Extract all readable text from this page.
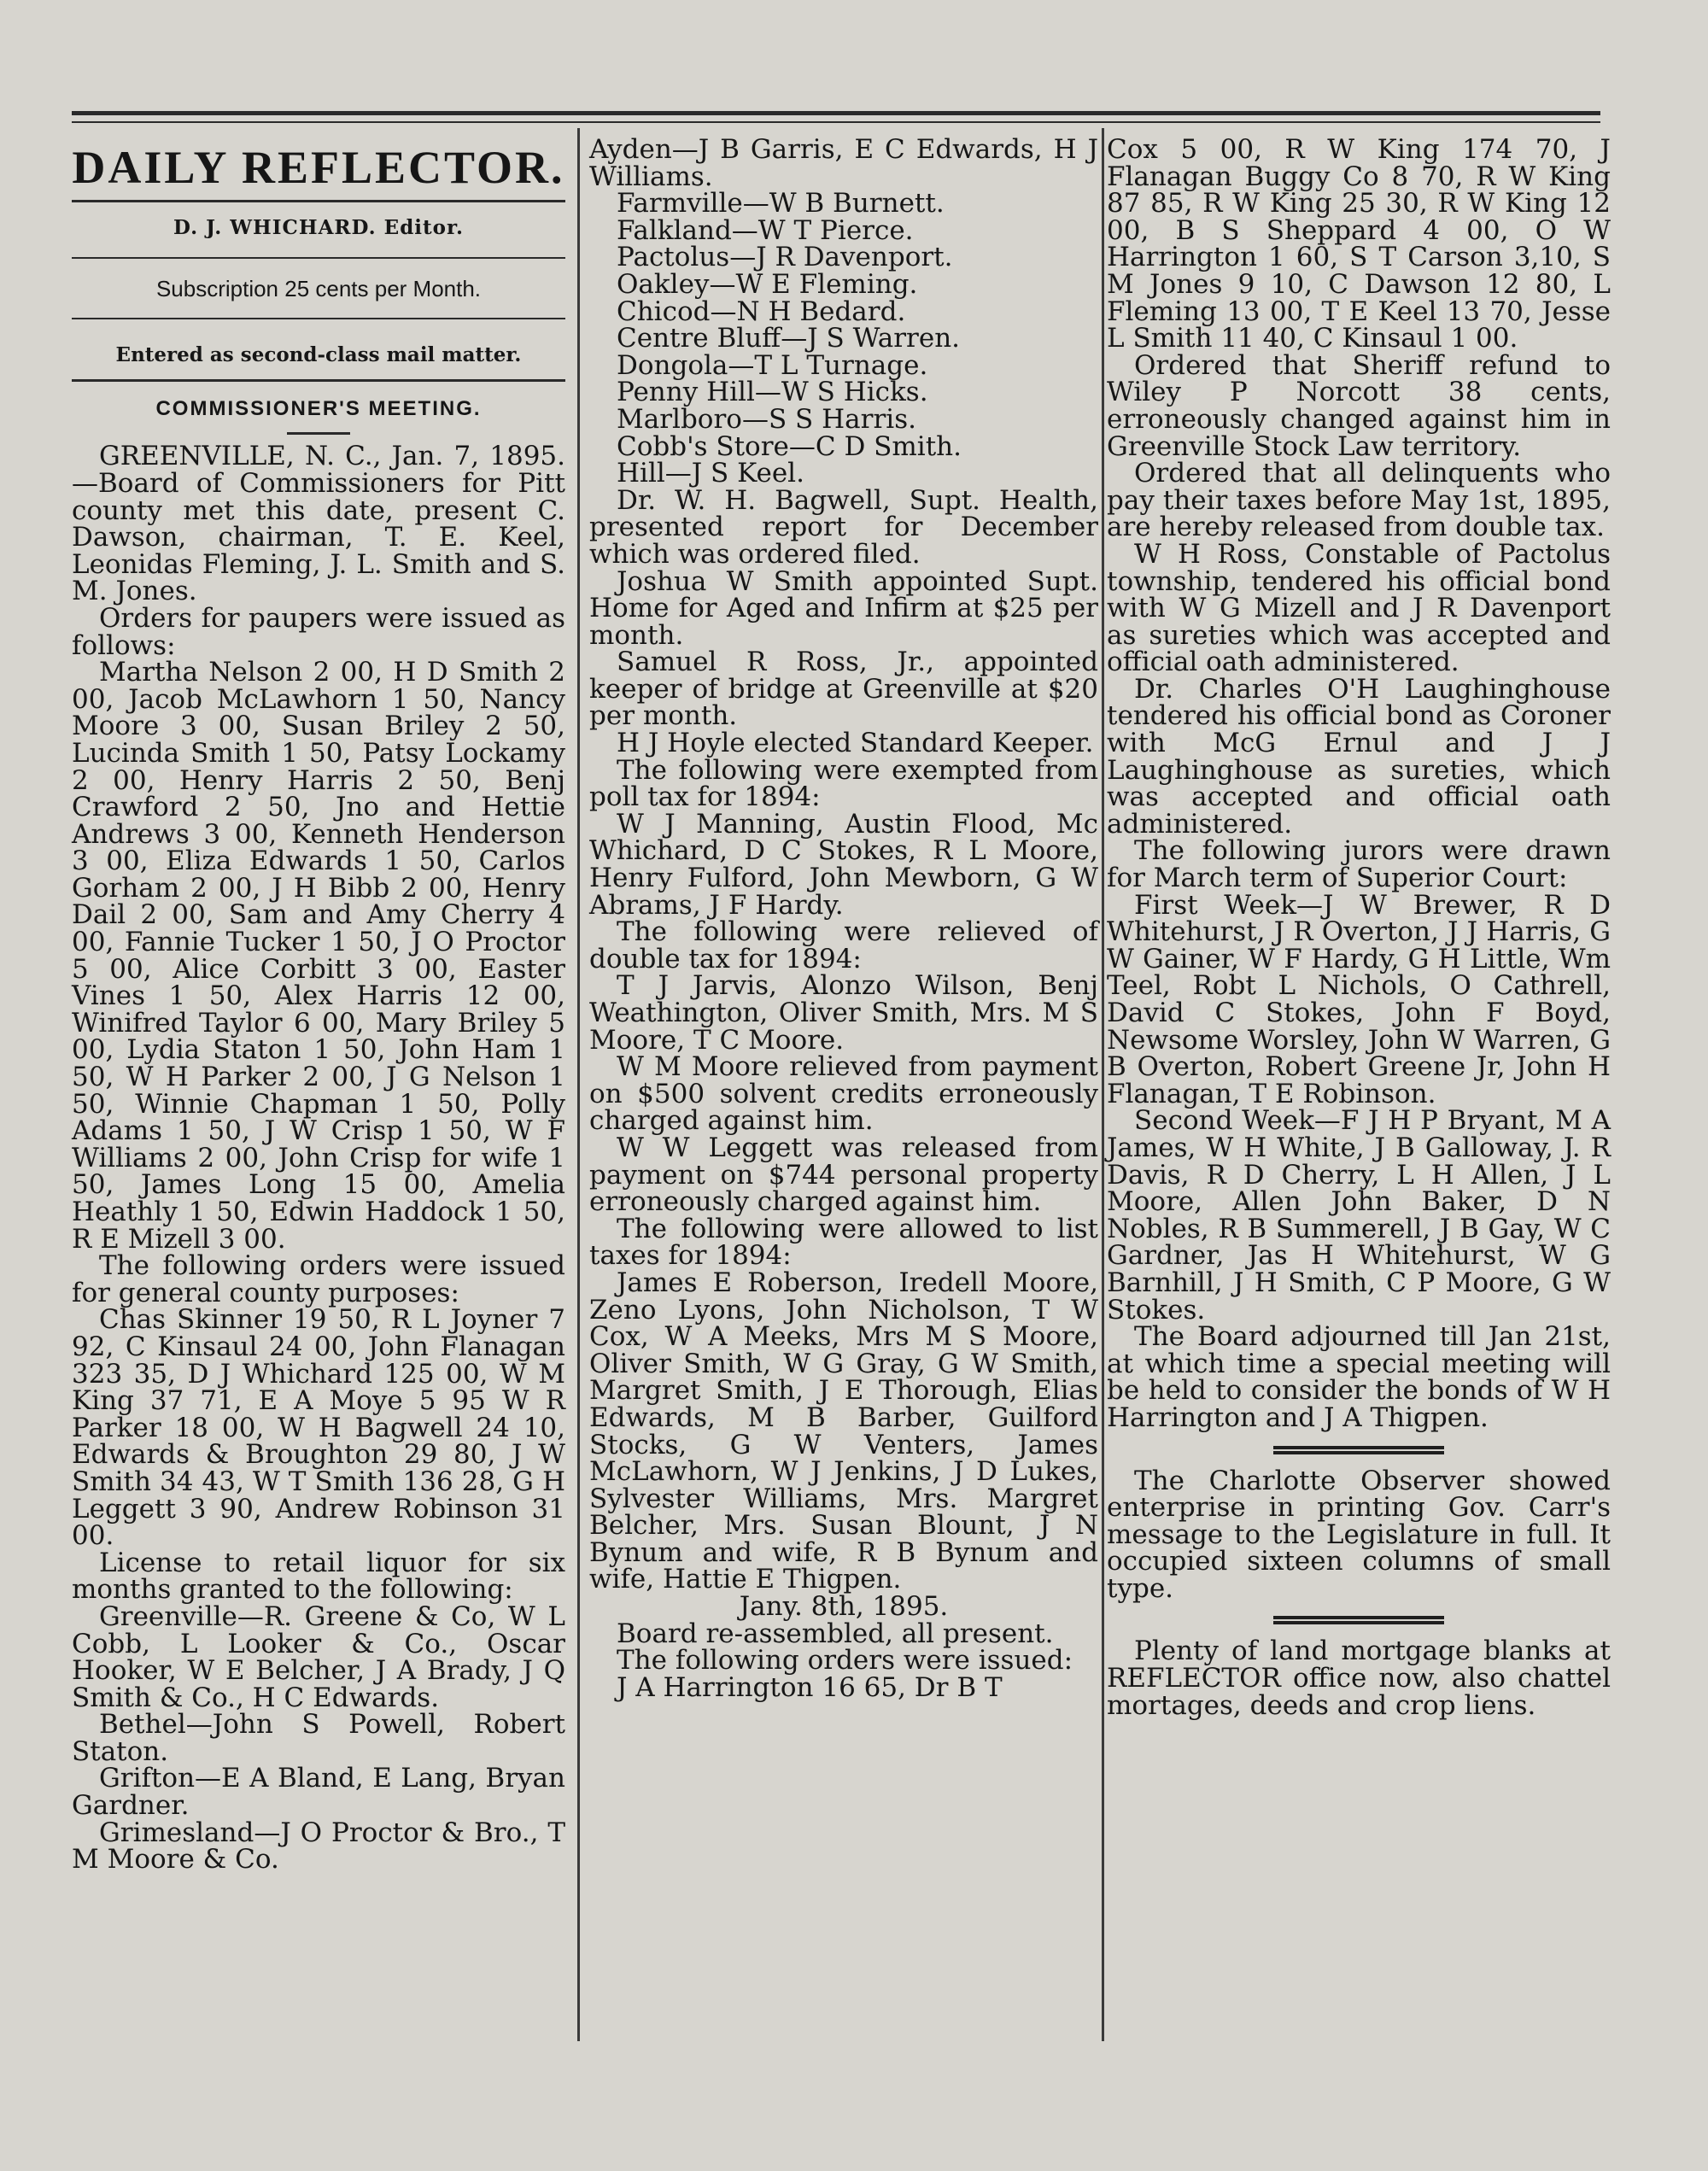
DAILY REFLECTOR.
D. J. WHICHARD. Editor.
Subscription 25 cents per Month.
Entered as second-class mail matter.
COMMISSIONER'S MEETING.

GREENVILLE, N. C., Jan. 7, 1895. —Board of Commissioners for Pitt county met this date, present C. Dawson, chairman, T. E. Keel, Leonidas Fleming, J. L. Smith and S. M. Jones.

Orders for paupers were issued as follows:

Martha Nelson 2 00, H D Smith 2 00, Jacob McLawhorn 1 50, Nancy Moore 3 00, Susan Briley 2 50, Lucinda Smith 1 50, Patsy Lockamy 2 00, Henry Harris 2 50, Benj Crawford 2 50, Jno and Hettie Andrews 3 00, Kenneth Henderson 3 00, Eliza Edwards 1 50, Carlos Gorham 2 00, J H Bibb 2 00, Henry Dail 2 00, Sam and Amy Cherry 4 00, Fannie Tucker 1 50, J O Proctor 5 00, Alice Corbitt 3 00, Easter Vines 1 50, Alex Harris 12 00, Winifred Taylor 6 00, Mary Briley 5 00, Lydia Staton 1 50, John Ham 1 50, W H Parker 2 00, J G Nelson 1 50, Winnie Chapman 1 50, Polly Adams 1 50, J W Crisp 1 50, W F Williams 2 00, John Crisp for wife 1 50, James Long 15 00, Amelia Heathly 1 50, Edwin Haddock 1 50, R E Mizell 3 00.

The following orders were issued for general county purposes:

Chas Skinner 19 50, R L Joyner 7 92, C Kinsaul 24 00, John Flanagan 323 35, D J Whichard 125 00, W M King 37 71, E A Moye 5 95 W R Parker 18 00, W H Bagwell 24 10, Edwards & Broughton 29 80, J W Smith 34 43, W T Smith 136 28, G H Leggett 3 90, Andrew Robinson 31 00.

License to retail liquor for six months granted to the following:

Greenville—R. Greene & Co, W L Cobb, L Looker & Co., Oscar Hooker, W E Belcher, J A Brady, J Q Smith & Co., H C Edwards.

Bethel—John S Powell, Robert Staton.

Grifton—E A Bland, E Lang, Bryan Gardner.

Grimesland—J O Proctor & Bro., T M Moore & Co.

Ayden—J B Garris, E C Edwards, H J Williams.

Farmville—W B Burnett.

Falkland—W T Pierce.

Pactolus—J R Davenport.

Oakley—W E Fleming.

Chicod—N H Bedard.

Centre Bluff—J S Warren.

Dongola—T L Turnage.

Penny Hill—W S Hicks.

Marlboro—S S Harris.

Cobb's Store—C D Smith.

Hill—J S Keel.

Dr. W. H. Bagwell, Supt. Health, presented report for December which was ordered filed.

Joshua W Smith appointed Supt. Home for Aged and Infirm at $25 per month.

Samuel R Ross, Jr., appointed keeper of bridge at Greenville at $20 per month.

H J Hoyle elected Standard Keeper.

The following were exempted from poll tax for 1894:

W J Manning, Austin Flood, Mc Whichard, D C Stokes, R L Moore, Henry Fulford, John Mewborn, G W Abrams, J F Hardy.

The following were relieved of double tax for 1894:

T J Jarvis, Alonzo Wilson, Benj Weathington, Oliver Smith, Mrs. M S Moore, T C Moore.

W M Moore relieved from payment on $500 solvent credits erroneously charged against him.

W W Leggett was released from payment on $744 personal property erroneously charged against him.

The following were allowed to list taxes for 1894:

James E Roberson, Iredell Moore, Zeno Lyons, John Nicholson, T W Cox, W A Meeks, Mrs M S Moore, Oliver Smith, W G Gray, G W Smith, Margret Smith, J E Thorough, Elias Edwards, M B Barber, Guilford Stocks, G W Venters, James McLawhorn, W J Jenkins, J D Lukes, Sylvester Williams, Mrs. Margret Belcher, Mrs. Susan Blount, J N Bynum and wife, R B Bynum and wife, Hattie E Thigpen.

Jany. 8th, 1895.

Board re-assembled, all present.

The following orders were issued:

J A Harrington 16 65, Dr B T

Cox 5 00, R W King 174 70, J Flanagan Buggy Co 8 70, R W King 87 85, R W King 25 30, R W King 12 00, B S Sheppard 4 00, O W Harrington 1 60, S T Carson 3,10, S M Jones 9 10, C Dawson 12 80, L Fleming 13 00, T E Keel 13 70, Jesse L Smith 11 40, C Kinsaul 1 00.

Ordered that Sheriff refund to Wiley P Norcott 38 cents, erroneously changed against him in Greenville Stock Law territory.

Ordered that all delinquents who pay their taxes before May 1st, 1895, are hereby released from double tax.

W H Ross, Constable of Pactolus township, tendered his official bond with W G Mizell and J R Davenport as sureties which was accepted and official oath administered.

Dr. Charles O'H Laughinghouse tendered his official bond as Coroner with McG Ernul and J J Laughinghouse as sureties, which was accepted and official oath administered.

The following jurors were drawn for March term of Superior Court:

First Week—J W Brewer, R D Whitehurst, J R Overton, J J Harris, G W Gainer, W F Hardy, G H Little, Wm Teel, Robt L Nichols, O Cathrell, David C Stokes, John F Boyd, Newsome Worsley, John W Warren, G B Overton, Robert Greene Jr, John H Flanagan, T E Robinson.

Second Week—F J H P Bryant, M A James, W H White, J B Galloway, J. R Davis, R D Cherry, L H Allen, J L Moore, Allen John Baker, D N Nobles, R B Summerell, J B Gay, W C Gardner, Jas H Whitehurst, W G Barnhill, J H Smith, C P Moore, G W Stokes.

The Board adjourned till Jan 21st, at which time a special meeting will be held to consider the bonds of W H Harrington and J A Thigpen.

The Charlotte Observer showed enterprise in printing Gov. Carr's message to the Legislature in full. It occupied sixteen columns of small type.

Plenty of land mortgage blanks at REFLECTOR office now, also chattel mortages, deeds and crop liens.
